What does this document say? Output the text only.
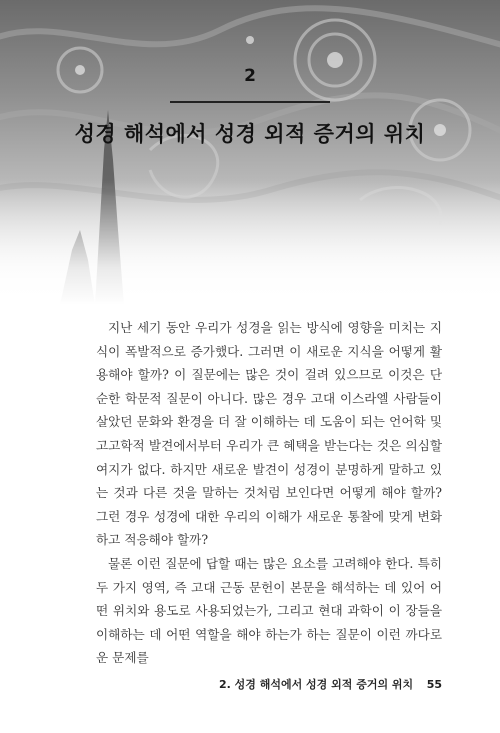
2
성경 해석에서 성경 외적 증거의 위치

지난 세기 동안 우리가 성경을 읽는 방식에 영향을 미치는 지식이 폭발적으로 증가했다. 그러면 이 새로운 지식을 어떻게 활용해야 할까? 이 질문에는 많은 것이 걸려 있으므로 이것은 단순한 학문적 질문이 아니다. 많은 경우 고대 이스라엘 사람들이 살았던 문화와 환경을 더 잘 이해하는 데 도움이 되는 언어학 및 고고학적 발견에서부터 우리가 큰 혜택을 받는다는 것은 의심할 여지가 없다. 하지만 새로운 발견이 성경이 분명하게 말하고 있는 것과 다른 것을 말하는 것처럼 보인다면 어떻게 해야 할까? 그런 경우 성경에 대한 우리의 이해가 새로운 통찰에 맞게 변화하고 적응해야 할까?

물론 이런 질문에 답할 때는 많은 요소를 고려해야 한다. 특히 두 가지 영역, 즉 고대 근동 문헌이 본문을 해석하는 데 있어 어떤 위치와 용도로 사용되었는가, 그리고 현대 과학이 이 장들을 이해하는 데 어떤 역할을 해야 하는가 하는 질문이 이런 까다로운 문제를

2. 성경 해석에서 성경 외적 증거의 위치 55
